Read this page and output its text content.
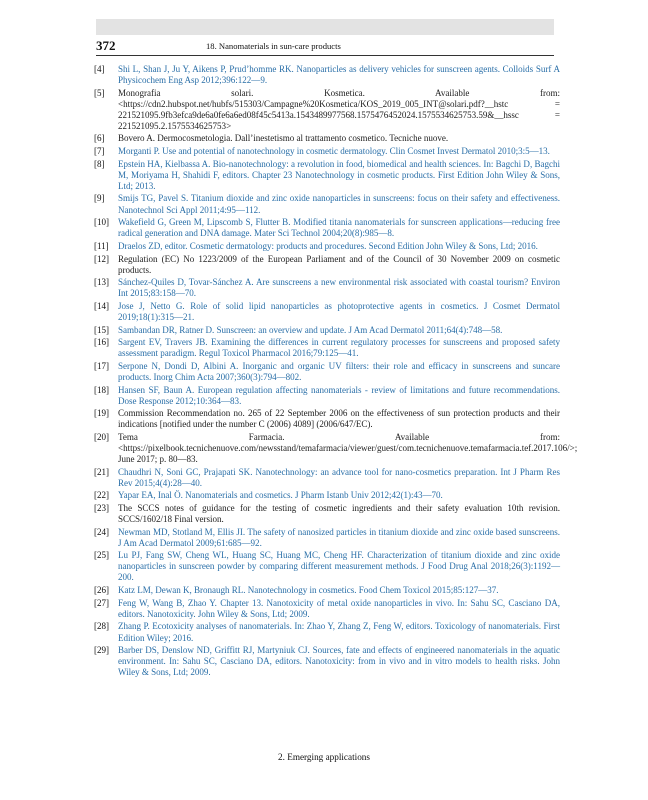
372	18. Nanomaterials in sun-care products
[4] Shi L, Shan J, Ju Y, Aikens P, Prud’homme RK. Nanoparticles as delivery vehicles for sunscreen agents. Colloids Surf A Physicochem Eng Asp 2012;396:122—9.
[5] Monografia solari. Kosmetica. Available from: <https://cdn2.hubspot.net/hubfs/515303/Campagne%20Kosmetica/KOS_2019_005_INT@solari.pdf?__hstc = 221521095.9fb3efca9de6a0fe6a6ed08f45c5413a.1543489977568.1575476452024.1575534625753.59&__hssc = 221521095.2.1575534625753>
[6] Bovero A. Dermocosmetologia. Dall’inestetismo al trattamento cosmetico. Tecniche nuove.
[7] Morganti P. Use and potential of nanotechnology in cosmetic dermatology. Clin Cosmet Invest Dermatol 2010;3:5—13.
[8] Epstein HA, Kielbassa A. Bio-nanotechnology: a revolution in food, biomedical and health sciences. In: Bagchi D, Bagchi M, Moriyama H, Shahidi F, editors. Chapter 23 Nanotechnology in cosmetic products. First Edition John Wiley & Sons, Ltd; 2013.
[9] Smijs TG, Pavel S. Titanium dioxide and zinc oxide nanoparticles in sunscreens: focus on their safety and effectiveness. Nanotechnol Sci Appl 2011;4:95—112.
[10] Wakefield G, Green M, Lipscomb S, Flutter B. Modified titania nanomaterials for sunscreen applications—reducing free radical generation and DNA damage. Mater Sci Technol 2004;20(8):985—8.
[11] Draelos ZD, editor. Cosmetic dermatology: products and procedures. Second Edition John Wiley & Sons, Ltd; 2016.
[12] Regulation (EC) No 1223/2009 of the European Parliament and of the Council of 30 November 2009 on cosmetic products.
[13] Sánchez-Quiles D, Tovar-Sánchez A. Are sunscreens a new environmental risk associated with coastal tourism? Environ Int 2015;83:158—70.
[14] Jose J, Netto G. Role of solid lipid nanoparticles as photoprotective agents in cosmetics. J Cosmet Dermatol 2019;18(1):315—21.
[15] Sambandan DR, Ratner D. Sunscreen: an overview and update. J Am Acad Dermatol 2011;64(4):748—58.
[16] Sargent EV, Travers JB. Examining the differences in current regulatory processes for sunscreens and proposed safety assessment paradigm. Regul Toxicol Pharmacol 2016;79:125—41.
[17] Serpone N, Dondi D, Albini A. Inorganic and organic UV filters: their role and efficacy in sunscreens and suncare products. Inorg Chim Acta 2007;360(3):794—802.
[18] Hansen SF, Baun A. European regulation affecting nanomaterials - review of limitations and future recommendations. Dose Response 2012;10:364—83.
[19] Commission Recommendation no. 265 of 22 September 2006 on the effectiveness of sun protection products and their indications [notified under the number C (2006) 4089] (2006/647/EC).
[20] Tema Farmacia. Available from: <https://pixelbook.tecnichenuove.com/newsstand/temafarmacia/viewer/guest/com.tecnichenuove.temafarmacia.tef.2017.106/>; June 2017; p. 80—83.
[21] Chaudhri N, Soni GC, Prajapati SK. Nanotechnology: an advance tool for nano-cosmetics preparation. Int J Pharm Res Rev 2015;4(4):28—40.
[22] Yapar EA, Inal Ö. Nanomaterials and cosmetics. J Pharm Istanb Univ 2012;42(1):43—70.
[23] The SCCS notes of guidance for the testing of cosmetic ingredients and their safety evaluation 10th revision. SCCS/1602/18 Final version.
[24] Newman MD, Stotland M, Ellis JI. The safety of nanosized particles in titanium dioxide and zinc oxide based sunscreens. J Am Acad Dermatol 2009;61:685—92.
[25] Lu PJ, Fang SW, Cheng WL, Huang SC, Huang MC, Cheng HF. Characterization of titanium dioxide and zinc oxide nanoparticles in sunscreen powder by comparing different measurement methods. J Food Drug Anal 2018;26(3):1192—200.
[26] Katz LM, Dewan K, Bronaugh RL. Nanotechnology in cosmetics. Food Chem Toxicol 2015;85:127—37.
[27] Feng W, Wang B, Zhao Y. Chapter 13. Nanotoxicity of metal oxide nanoparticles in vivo. In: Sahu SC, Casciano DA, editors. Nanotoxicity. John Wiley & Sons, Ltd; 2009.
[28] Zhang P. Ecotoxicity analyses of nanomaterials. In: Zhao Y, Zhang Z, Feng W, editors. Toxicology of nanomaterials. First Edition Wiley; 2016.
[29] Barber DS, Denslow ND, Griffitt RJ, Martyniuk CJ. Sources, fate and effects of engineered nanomaterials in the aquatic environment. In: Sahu SC, Casciano DA, editors. Nanotoxicity: from in vivo and in vitro models to health risks. John Wiley & Sons, Ltd; 2009.
2. Emerging applications
